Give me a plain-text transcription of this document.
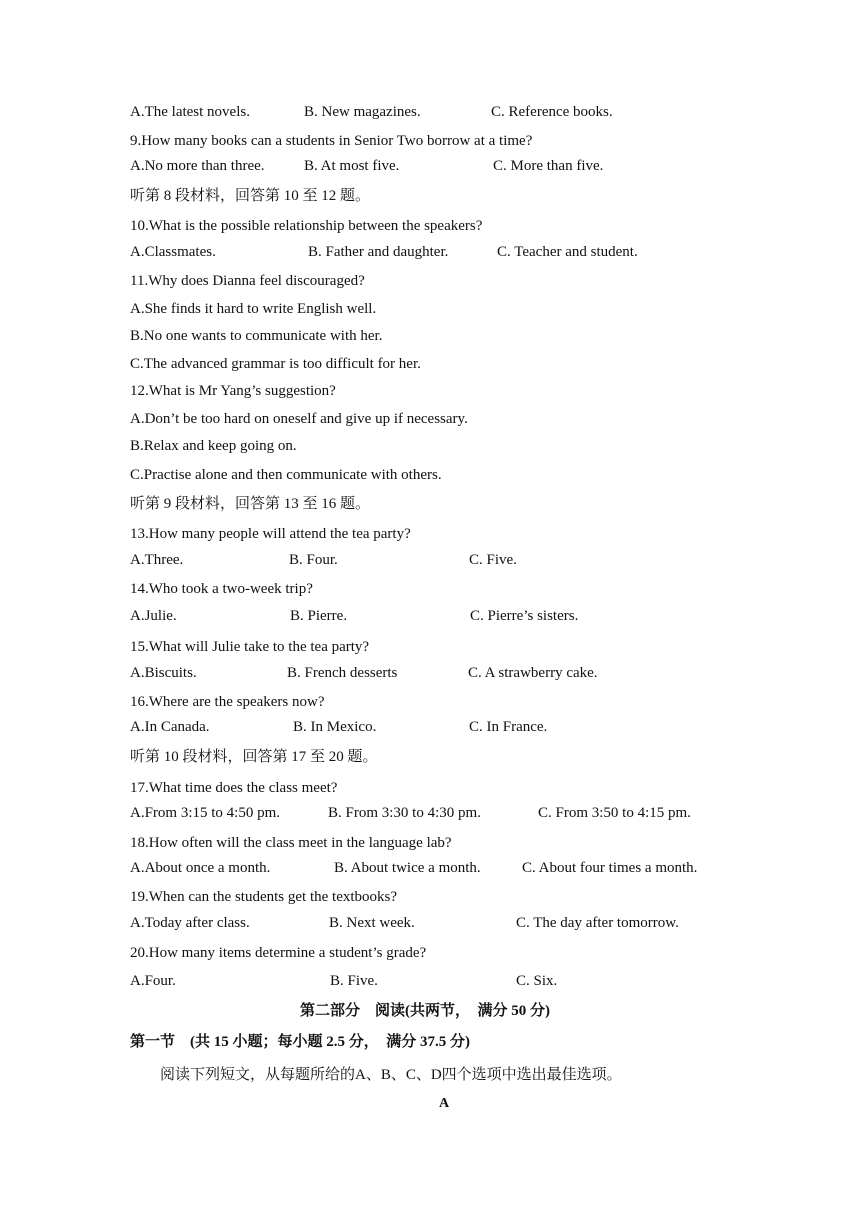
A.The latest novels.	B. New magazines.	C. Reference books.
9.How many books can a students in Senior Two borrow at a time?
A.No more than three.	B. At most five.	C. More than five.
听第 8 段材料，回答第 10 至 12 题。
10.What is the possible relationship between the speakers?
A.Classmates.	B. Father and daughter.	C. Teacher and student.
11.Why does Dianna feel discouraged?
A.She finds it hard to write English well.
B.No one wants to communicate with her.
C.The advanced grammar is too difficult for her.
12.What is Mr Yang’s suggestion?
A.Don’t be too hard on oneself and give up if necessary.
B.Relax and keep going on.
C.Practise alone and then communicate with others.
听第 9 段材料，回答第 13 至 16 题。
13.How many people will attend the tea party?
A.Three.	B. Four.	C. Five.
14.Who took a two-week trip?
A.Julie.	B. Pierre.	C. Pierre’s sisters.
15.What will Julie take to the tea party?
A.Biscuits.	B. French desserts	C. A strawberry cake.
16.Where are the speakers now?
A.In Canada.	B. In Mexico.	C. In France.
听第 10 段材料，回答第 17 至 20 题。
17.What time does the class meet?
A.From 3:15 to 4:50 pm.	B. From 3:30 to 4:30 pm.	C. From 3:50 to 4:15 pm.
18.How often will the class meet in the language lab?
A.About once a month.	B. About twice a month.	C. About four times a month.
19.When can the students get the textbooks?
A.Today after class.	B. Next week.	C. The day after tomorrow.
20.How many items determine a student’s grade?
A.Four.	B. Five.	C. Six.
第二部分　阅读(共两节，　满分 50 分)
第一节　(共 15 小题；每小题 2.5 分，　满分 37.5 分)
阅读下列短文，从每题所给的A、B、C、D四个选项中选出最佳选项。
A
